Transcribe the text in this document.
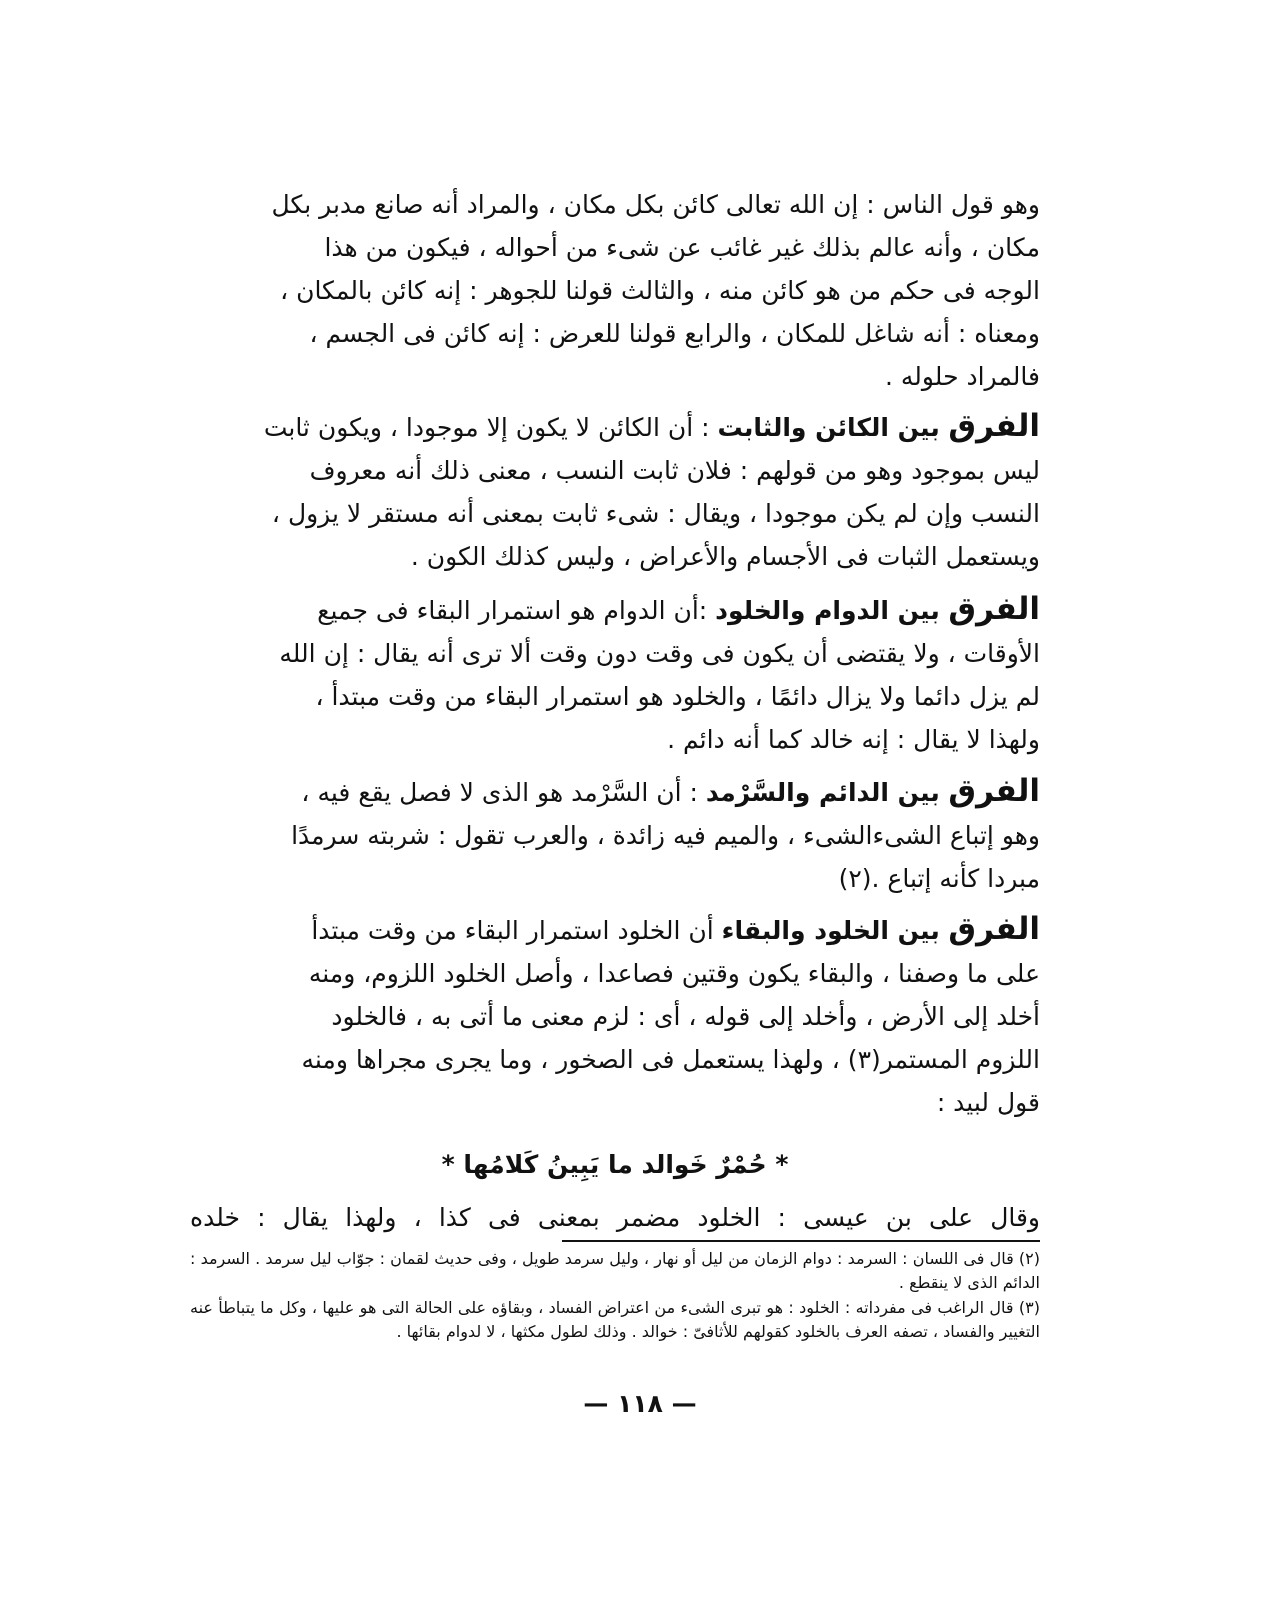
وهو قول الناس : إن الله تعالى كائن بكل مكان ، والمراد أنه صانع مدبر بكل

مكان ، وأنه عالم بذلك غير غائب عن شىء من أحواله ، فيكون من هذا

الوجه فى حكم من هو كائن منه ، والثالث قولنا للجوهر : إنه كائن بالمكان ،

ومعناه : أنه شاغل للمكان ، والرابع قولنا للعرض : إنه كائن فى الجسم ،

فالمراد حلوله .

الفرق بين الكائن والثابت : أن الكائن لا يكون إلا موجودا ، ويكون ثابت

ليس بموجود وهو من قولهم : فلان ثابت النسب ، معنى ذلك أنه معروف

النسب وإن لم يكن موجودا ، ويقال : شىء ثابت بمعنى أنه مستقر لا يزول ،

ويستعمل الثبات فى الأجسام والأعراض ، وليس كذلك الكون .

الفرق بين الدوام والخلود :أن الدوام هو استمرار البقاء فى جميع

الأوقات ، ولا يقتضى أن يكون فى وقت دون وقت ألا ترى أنه يقال : إن الله

لم يزل دائما ولا يزال دائمًا ، والخلود هو استمرار البقاء من وقت مبتدأ ،

ولهذا لا يقال : إنه خالد كما أنه دائم .

الفرق بين الدائم والسَّرْمد : أن السَّرْمد هو الذى لا فصل يقع فيه ،

وهو إتباع الشىءالشىء ، والميم فيه زائدة ، والعرب تقول : شربته سرمدًا

مبردا كأنه إتباع .(٢)

الفرق بين الخلود والبقاء أن الخلود استمرار البقاء من وقت مبتدأ

على ما وصفنا ، والبقاء يكون وقتين فصاعدا ، وأصل الخلود اللزوم، ومنه

أخلد إلى الأرض ، وأخلد إلى قوله ، أى : لزم معنى ما أتى به ، فالخلود

اللزوم المستمر(٣) ، ولهذا يستعمل فى الصخور ، وما يجرى مجراها ومنه

قول لبيد :

* حُمْرٌ خَوالد ما يَبِينُ كَلامُها *
وقال على بن عيسى : الخلود مضمر بمعنى فى كذا ، ولهذا يقال : خلده

(٢) قال فى اللسان : السرمد : دوام الزمان من ليل أو نهار ، وليل سرمد طويل ، وفى حديث لقمان : جوّاب ليل سرمد . السرمد : الدائم الذى لا ينقطع .

(٣) قال الراغب فى مفرداته : الخلود : هو تبرى الشىء من اعتراض الفساد ، وبقاؤه على الحالة التى هو عليها ، وكل ما يتباطأ عنه التغيير والفساد ، تصفه العرف بالخلود كقولهم للأثافىّ : خوالد . وذلك لطول مكثها ، لا لدوام بقائها .

— ١١٨ —
